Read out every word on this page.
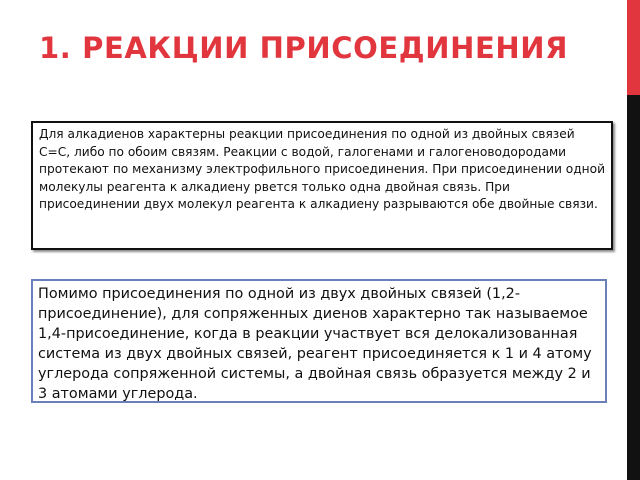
1. РЕАКЦИИ ПРИСОЕДИНЕНИЯ

Для алкадиенов характерны реакции присоединения по одной из двойных связей С=С, либо по обоим связям. Реакции с водой, галогенами и галогеноводородами протекают по механизму электрофильного присоединения. При присоединении одной молекулы реагента к алкадиену рвется только одна двойная связь. При присоединении двух молекул реагента к алкадиену разрываются обе двойные связи.

Помимо присоединения по одной из двух двойных связей (1,2-присоединение), для сопряженных диенов характерно так называемое 1,4-присоединение, когда в реакции участвует вся делокализованная система из двух двойных связей, реагент присоединяется к 1 и 4 атому углерода сопряженной системы, а двойная связь образуется между 2 и 3 атомами углерода.
